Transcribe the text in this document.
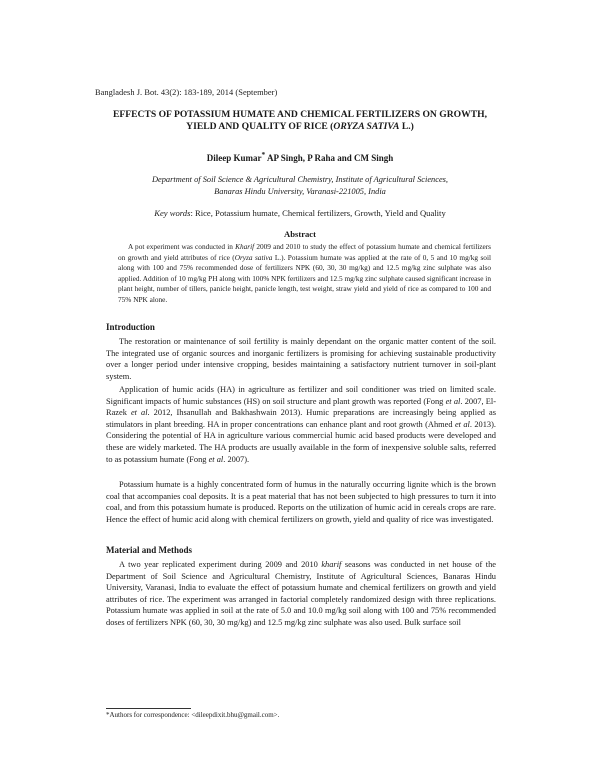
Bangladesh J. Bot. 43(2): 183-189, 2014 (September)
EFFECTS OF POTASSIUM HUMATE AND CHEMICAL FERTILIZERS ON GROWTH, YIELD AND QUALITY OF RICE (ORYZA SATIVA L.)
Dileep Kumar* AP Singh, P Raha and CM Singh
Department of Soil Science & Agricultural Chemistry, Institute of Agricultural Sciences,
Banaras Hindu University, Varanasi-221005, India
Key words: Rice, Potassium humate, Chemical fertilizers, Growth, Yield and Quality
Abstract

A pot experiment was conducted in Kharif 2009 and 2010 to study the effect of potassium humate and chemical fertilizers on growth and yield attributes of rice (Oryza sativa L.). Potassium humate was applied at the rate of 0, 5 and 10 mg/kg soil along with 100 and 75% recommended dose of fertilizers NPK (60, 30, 30 mg/kg) and 12.5 mg/kg zinc sulphate was also applied. Addition of 10 mg/kg PH along with 100% NPK fertilizers and 12.5 mg/kg zinc sulphate caused significant increase in plant height, number of tillers, panicle height, panicle length, test weight, straw yield and yield of rice as compared to 100 and 75% NPK alone.

Introduction

The restoration or maintenance of soil fertility is mainly dependant on the organic matter content of the soil. The integrated use of organic sources and inorganic fertilizers is promising for achieving sustainable productivity over a longer period under intensive cropping, besides maintaining a satisfactory nutrient turnover in soil-plant system.

Application of humic acids (HA) in agriculture as fertilizer and soil conditioner was tried on limited scale. Significant impacts of humic substances (HS) on soil structure and plant growth was reported (Fong et al. 2007, El-Razek et al. 2012, Ihsanullah and Bakhashwain 2013). Humic preparations are increasingly being applied as stimulators in plant breeding. HA in proper concentrations can enhance plant and root growth (Ahmed et al. 2013). Considering the potential of HA in agriculture various commercial humic acid based products were developed and these are widely marketed. The HA products are usually available in the form of inexpensive soluble salts, referred to as potassium humate (Fong et al. 2007).

Potassium humate is a highly concentrated form of humus in the naturally occurring lignite which is the brown coal that accompanies coal deposits. It is a peat material that has not been subjected to high pressures to turn it into coal, and from this potassium humate is produced. Reports on the utilization of humic acid in cereals crops are rare. Hence the effect of humic acid along with chemical fertilizers on growth, yield and quality of rice was investigated.

Material and Methods

A two year replicated experiment during 2009 and 2010 kharif seasons was conducted in net house of the Department of Soil Science and Agricultural Chemistry, Institute of Agricultural Sciences, Banaras Hindu University, Varanasi, India to evaluate the effect of potassium humate and chemical fertilizers on growth and yield attributes of rice. The experiment was arranged in factorial completely randomized design with three replications. Potassium humate was applied in soil at the rate of 5.0 and 10.0 mg/kg soil along with 100 and 75% recommended doses of fertilizers NPK (60, 30, 30 mg/kg) and 12.5 mg/kg zinc sulphate was also used. Bulk surface soil

*Authors for correspondence: <dileepdixit.bhu@gmail.com>.
